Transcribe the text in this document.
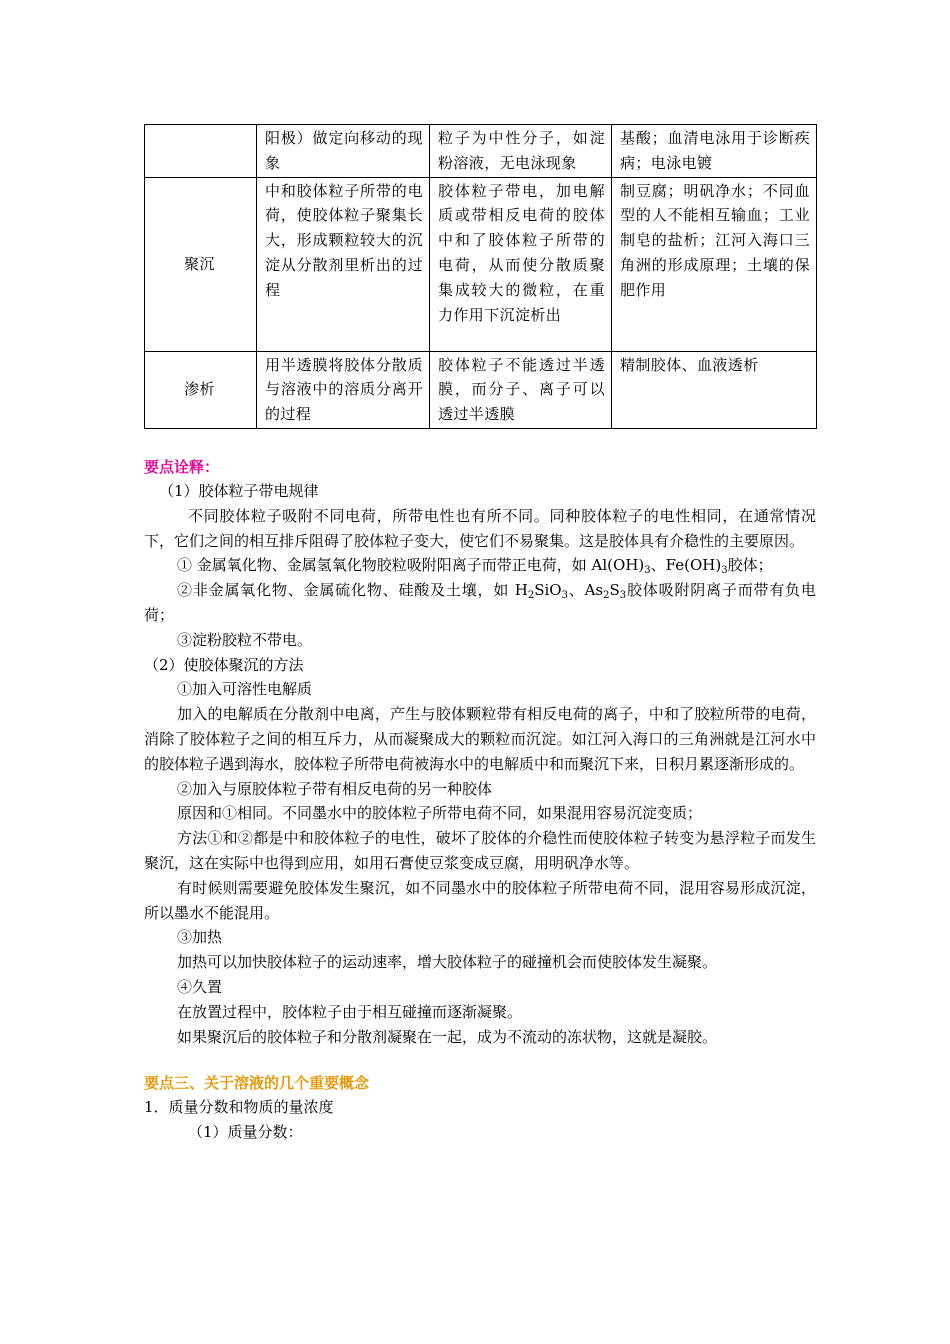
	阳极）做定向移动的现象	粒子为中性分子，如淀粉溶液，无电泳现象	基酸；血清电泳用于诊断疾病；电泳电镀
聚沉	中和胶体粒子所带的电荷，使胶体粒子聚集长大，形成颗粒较大的沉淀从分散剂里析出的过程	胶体粒子带电，加电解质或带相反电荷的胶体中和了胶体粒子所带的电荷，从而使分散质聚集成较大的微粒，在重力作用下沉淀析出	制豆腐；明矾净水；不同血型的人不能相互输血；工业制皂的盐析；江河入海口三角洲的形成原理；土壤的保肥作用
渗析	用半透膜将胶体分散质与溶液中的溶质分离开的过程	胶体粒子不能透过半透膜，而分子、离子可以透过半透膜	精制胶体、血液透析
要点诠释：

（1）胶体粒子带电规律

不同胶体粒子吸附不同电荷，所带电性也有所不同。同种胶体粒子的电性相同，在通常情况下，它们之间的相互排斥阻碍了胶体粒子变大，使它们不易聚集。这是胶体具有介稳性的主要原因。

① 金属氧化物、金属氢氧化物胶粒吸附阳离子而带正电荷，如 $Al(OH)_3$、$Fe(OH)_3$胶体；

②非金属氧化物、金属硫化物、硅酸及土壤，如 $H_2SiO_3$、$As_2S_3$胶体吸附阴离子而带有负电荷；

③淀粉胶粒不带电。

（2）使胶体聚沉的方法

①加入可溶性电解质

加入的电解质在分散剂中电离，产生与胶体颗粒带有相反电荷的离子，中和了胶粒所带的电荷，消除了胶体粒子之间的相互斥力，从而凝聚成大的颗粒而沉淀。如江河入海口的三角洲就是江河水中的胶体粒子遇到海水，胶体粒子所带电荷被海水中的电解质中和而聚沉下来，日积月累逐渐形成的。

②加入与原胶体粒子带有相反电荷的另一种胶体

原因和①相同。不同墨水中的胶体粒子所带电荷不同，如果混用容易沉淀变质；

方法①和②都是中和胶体粒子的电性，破坏了胶体的介稳性而使胶体粒子转变为悬浮粒子而发生聚沉，这在实际中也得到应用，如用石膏使豆浆变成豆腐，用明矾净水等。

有时候则需要避免胶体发生聚沉，如不同墨水中的胶体粒子所带电荷不同，混用容易形成沉淀，所以墨水不能混用。

③加热

加热可以加快胶体粒子的运动速率，增大胶体粒子的碰撞机会而使胶体发生凝聚。

④久置

在放置过程中，胶体粒子由于相互碰撞而逐渐凝聚。

如果聚沉后的胶体粒子和分散剂凝聚在一起，成为不流动的冻状物，这就是凝胶。

要点三、关于溶液的几个重要概念

1．质量分数和物质的量浓度

（1）质量分数：
